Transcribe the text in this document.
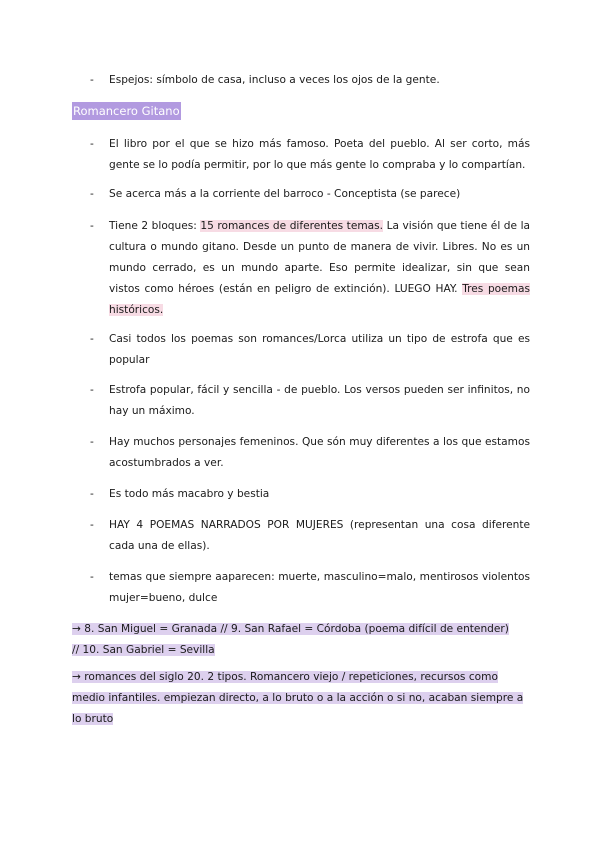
- Espejos: símbolo de casa, incluso a veces los ojos de la gente.
Romancero Gitano
- El libro por el que se hizo más famoso. Poeta del pueblo. Al ser corto, más gente se lo podía permitir, por lo que más gente lo compraba y lo compartían.
- Se acerca más a la corriente del barroco - Conceptista (se parece)
- Tiene 2 bloques: 15 romances de diferentes temas. La visión que tiene él de la cultura o mundo gitano. Desde un punto de manera de vivir. Libres. No es un mundo cerrado, es un mundo aparte. Eso permite idealizar, sin que sean vistos como héroes (están en peligro de extinción). LUEGO HAY. Tres poemas históricos.
- Casi todos los poemas son romances/Lorca utiliza un tipo de estrofa que es popular
- Estrofa popular, fácil y sencilla - de pueblo. Los versos pueden ser infinitos, no hay un máximo.
- Hay muchos personajes femeninos. Que són muy diferentes a los que estamos acostumbrados a ver.
- Es todo más macabro y bestia
- HAY 4 POEMAS NARRADOS POR MUJERES (representan una cosa diferente cada una de ellas).
- temas que siempre aaparecen: muerte, masculino=malo, mentirosos violentos mujer=bueno, dulce
→ 8. San Miguel = Granada // 9. San Rafael = Córdoba (poema difícil de entender)
// 10. San Gabriel = Sevilla
→ romances del siglo 20. 2 tipos. Romancero viejo / repeticiones, recursos como
medio infantiles. empiezan directo, a lo bruto o a la acción o si no, acaban siempre a
lo bruto
